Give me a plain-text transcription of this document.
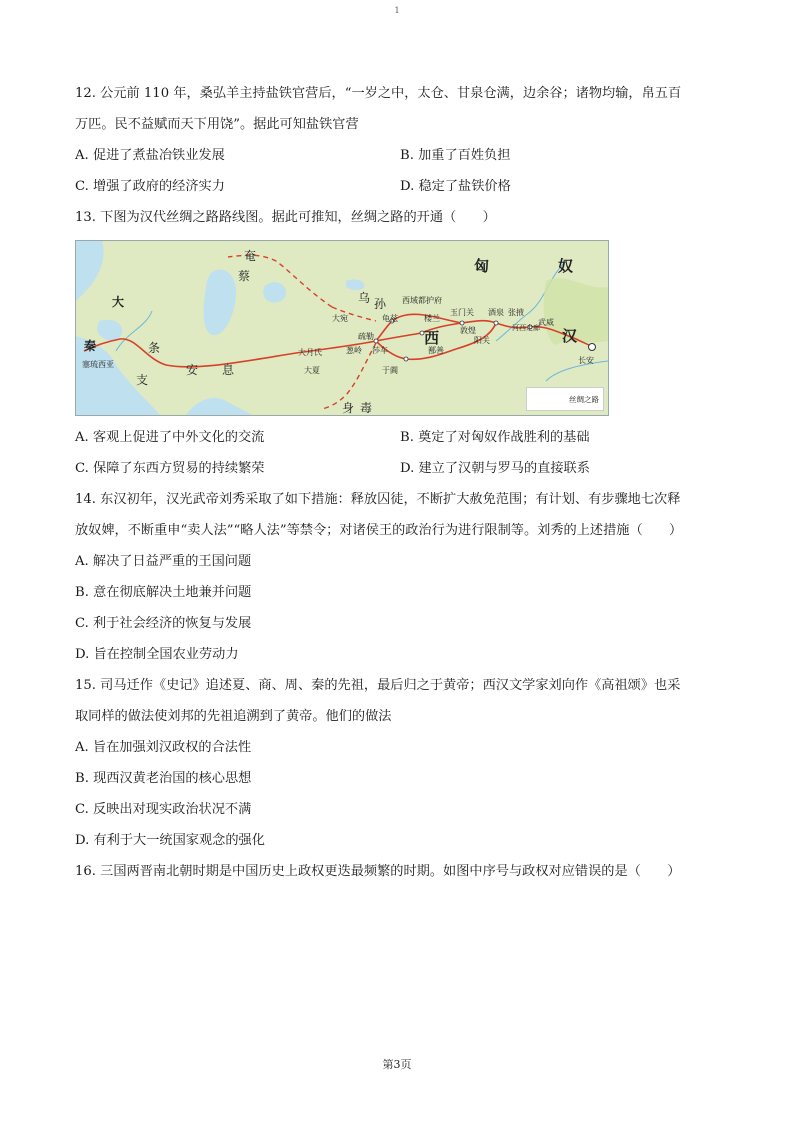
1
12. 公元前 110 年，桑弘羊主持盐铁官营后，“一岁之中，太仓、甘泉仓满，边余谷；诸物均输，帛五百
万匹。民不益赋而天下用饶”。据此可知盐铁官营
A. 促进了煮盐冶铁业发展	B. 加重了百姓负担
C. 增强了政府的经济实力	D. 稳定了盐铁价格
13. 下图为汉代丝绸之路路线图。据此可推知，丝绸之路的开通（　　）
匈	奴
大
秦	条
支
塞琉西亚	安 息
奄
蔡
乌 孙
大宛
西域都护府
龟兹	楼兰
玉门关 酒泉 张掖
武威
河西走廊
敦煌
阳关
西
疏勒
葱岭 莎车	鄯善
于阗
大月氏
大夏
汉
长安
身 毒
丝绸之路
A. 客观上促进了中外文化的交流	B. 奠定了对匈奴作战胜利的基础
C. 保障了东西方贸易的持续繁荣	D. 建立了汉朝与罗马的直接联系
14. 东汉初年，汉光武帝刘秀采取了如下措施：释放囚徒，不断扩大赦免范围；有计划、有步骤地七次释
放奴婢，不断重申“卖人法”“略人法”等禁令；对诸侯王的政治行为进行限制等。刘秀的上述措施（　　）
A. 解决了日益严重的王国问题
B. 意在彻底解决土地兼并问题
C. 利于社会经济的恢复与发展
D. 旨在控制全国农业劳动力
15. 司马迁作《史记》追述夏、商、周、秦的先祖，最后归之于黄帝；西汉文学家刘向作《高祖颂》也采
取同样的做法使刘邦的先祖追溯到了黄帝。他们的做法
A. 旨在加强刘汉政权的合法性
B. 现西汉黄老治国的核心思想
C. 反映出对现实政治状况不满
D. 有利于大一统国家观念的强化
16. 三国两晋南北朝时期是中国历史上政权更迭最频繁的时期。如图中序号与政权对应错误的是（　　）
第3页
